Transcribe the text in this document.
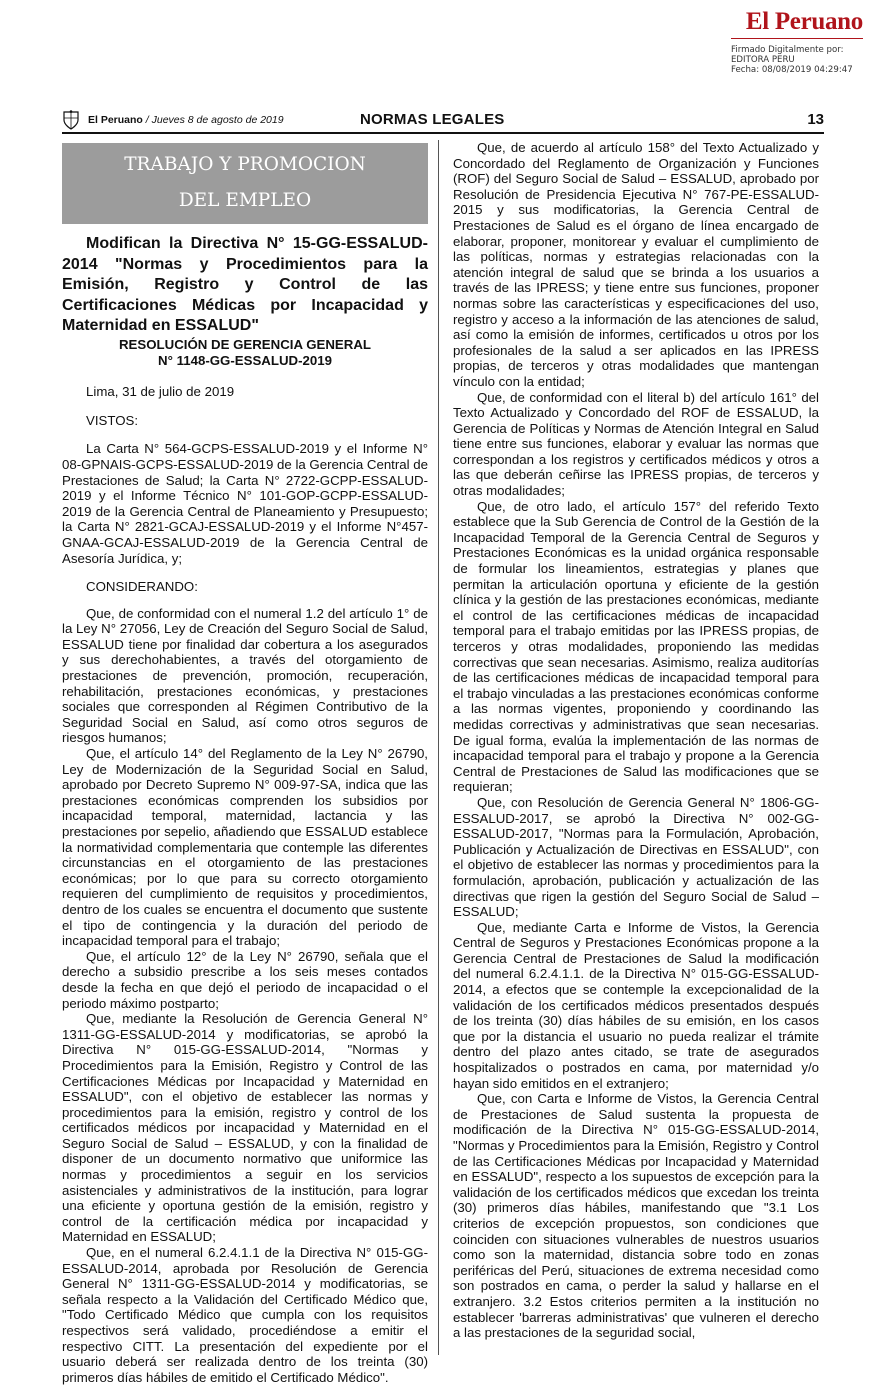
El Peruano
Firmado Digitalmente por:
EDITORA PERU
Fecha: 08/08/2019 04:29:47
El Peruano / Jueves 8 de agosto de 2019	NORMAS LEGALES	13
TRABAJO Y PROMOCION
DEL EMPLEO

Modifican la Directiva N° 15-GG-ESSALUD-2014 "Normas y Procedimientos para la Emisión, Registro y Control de las Certificaciones Médicas por Incapacidad y Maternidad en ESSALUD"

RESOLUCIÓN DE GERENCIA GENERAL
N° 1148-GG-ESSALUD-2019

Lima, 31 de julio de 2019

VISTOS:

La Carta N° 564-GCPS-ESSALUD-2019 y el Informe N° 08-GPNAIS-GCPS-ESSALUD-2019 de la Gerencia Central de Prestaciones de Salud; la Carta N° 2722-GCPP-ESSALUD-2019 y el Informe Técnico N° 101-GOP-GCPP-ESSALUD-2019 de la Gerencia Central de Planeamiento y Presupuesto; la Carta N° 2821-GCAJ-ESSALUD-2019 y el Informe N°457-GNAA-GCAJ-ESSALUD-2019 de la Gerencia Central de Asesoría Jurídica, y;

CONSIDERANDO:

Que, de conformidad con el numeral 1.2 del artículo 1° de la Ley N° 27056, Ley de Creación del Seguro Social de Salud, ESSALUD tiene por finalidad dar cobertura a los asegurados y sus derechohabientes, a través del otorgamiento de prestaciones de prevención, promoción, recuperación, rehabilitación, prestaciones económicas, y prestaciones sociales que corresponden al Régimen Contributivo de la Seguridad Social en Salud, así como otros seguros de riesgos humanos;

Que, el artículo 14° del Reglamento de la Ley N° 26790, Ley de Modernización de la Seguridad Social en Salud, aprobado por Decreto Supremo N° 009-97-SA, indica que las prestaciones económicas comprenden los subsidios por incapacidad temporal, maternidad, lactancia y las prestaciones por sepelio, añadiendo que ESSALUD establece la normatividad complementaria que contemple las diferentes circunstancias en el otorgamiento de las prestaciones económicas; por lo que para su correcto otorgamiento requieren del cumplimiento de requisitos y procedimientos, dentro de los cuales se encuentra el documento que sustente el tipo de contingencia y la duración del periodo de incapacidad temporal para el trabajo;

Que, el artículo 12° de la Ley N° 26790, señala que el derecho a subsidio prescribe a los seis meses contados desde la fecha en que dejó el periodo de incapacidad o el periodo máximo postparto;

Que, mediante la Resolución de Gerencia General N° 1311-GG-ESSALUD-2014 y modificatorias, se aprobó la Directiva N° 015-GG-ESSALUD-2014, "Normas y Procedimientos para la Emisión, Registro y Control de las Certificaciones Médicas por Incapacidad y Maternidad en ESSALUD", con el objetivo de establecer las normas y procedimientos para la emisión, registro y control de los certificados médicos por incapacidad y Maternidad en el Seguro Social de Salud – ESSALUD, y con la finalidad de disponer de un documento normativo que uniformice las normas y procedimientos a seguir en los servicios asistenciales y administrativos de la institución, para lograr una eficiente y oportuna gestión de la emisión, registro y control de la certificación médica por incapacidad y Maternidad en ESSALUD;

Que, en el numeral 6.2.4.1.1 de la Directiva N° 015-GG-ESSALUD-2014, aprobada por Resolución de Gerencia General N° 1311-GG-ESSALUD-2014 y modificatorias, se señala respecto a la Validación del Certificado Médico que, "Todo Certificado Médico que cumpla con los requisitos respectivos será validado, procediéndose a emitir el respectivo CITT. La presentación del expediente por el usuario deberá ser realizada dentro de los treinta (30) primeros días hábiles de emitido el Certificado Médico".

Que, de acuerdo al artículo 158° del Texto Actualizado y Concordado del Reglamento de Organización y Funciones (ROF) del Seguro Social de Salud – ESSALUD, aprobado por Resolución de Presidencia Ejecutiva N° 767-PE-ESSALUD-2015 y sus modificatorias, la Gerencia Central de Prestaciones de Salud es el órgano de línea encargado de elaborar, proponer, monitorear y evaluar el cumplimiento de las políticas, normas y estrategias relacionadas con la atención integral de salud que se brinda a los usuarios a través de las IPRESS; y tiene entre sus funciones, proponer normas sobre las características y especificaciones del uso, registro y acceso a la información de las atenciones de salud, así como la emisión de informes, certificados u otros por los profesionales de la salud a ser aplicados en las IPRESS propias, de terceros y otras modalidades que mantengan vínculo con la entidad;

Que, de conformidad con el literal b) del artículo 161° del Texto Actualizado y Concordado del ROF de ESSALUD, la Gerencia de Políticas y Normas de Atención Integral en Salud tiene entre sus funciones, elaborar y evaluar las normas que correspondan a los registros y certificados médicos y otros a las que deberán ceñirse las IPRESS propias, de terceros y otras modalidades;

Que, de otro lado, el artículo 157° del referido Texto establece que la Sub Gerencia de Control de la Gestión de la Incapacidad Temporal de la Gerencia Central de Seguros y Prestaciones Económicas es la unidad orgánica responsable de formular los lineamientos, estrategias y planes que permitan la articulación oportuna y eficiente de la gestión clínica y la gestión de las prestaciones económicas, mediante el control de las certificaciones médicas de incapacidad temporal para el trabajo emitidas por las IPRESS propias, de terceros y otras modalidades, proponiendo las medidas correctivas que sean necesarias. Asimismo, realiza auditorías de las certificaciones médicas de incapacidad temporal para el trabajo vinculadas a las prestaciones económicas conforme a las normas vigentes, proponiendo y coordinando las medidas correctivas y administrativas que sean necesarias. De igual forma, evalúa la implementación de las normas de incapacidad temporal para el trabajo y propone a la Gerencia Central de Prestaciones de Salud las modificaciones que se requieran;

Que, con Resolución de Gerencia General N° 1806-GG-ESSALUD-2017, se aprobó la Directiva N° 002-GG-ESSALUD-2017, "Normas para la Formulación, Aprobación, Publicación y Actualización de Directivas en ESSALUD", con el objetivo de establecer las normas y procedimientos para la formulación, aprobación, publicación y actualización de las directivas que rigen la gestión del Seguro Social de Salud – ESSALUD;

Que, mediante Carta e Informe de Vistos, la Gerencia Central de Seguros y Prestaciones Económicas propone a la Gerencia Central de Prestaciones de Salud la modificación del numeral 6.2.4.1.1. de la Directiva N° 015-GG-ESSALUD-2014, a efectos que se contemple la excepcionalidad de la validación de los certificados médicos presentados después de los treinta (30) días hábiles de su emisión, en los casos que por la distancia el usuario no pueda realizar el trámite dentro del plazo antes citado, se trate de asegurados hospitalizados o postrados en cama, por maternidad y/o hayan sido emitidos en el extranjero;

Que, con Carta e Informe de Vistos, la Gerencia Central de Prestaciones de Salud sustenta la propuesta de modificación de la Directiva N° 015-GG-ESSALUD-2014, "Normas y Procedimientos para la Emisión, Registro y Control de las Certificaciones Médicas por Incapacidad y Maternidad en ESSALUD", respecto a los supuestos de excepción para la validación de los certificados médicos que excedan los treinta (30) primeros días hábiles, manifestando que "3.1 Los criterios de excepción propuestos, son condiciones que coinciden con situaciones vulnerables de nuestros usuarios como son la maternidad, distancia sobre todo en zonas periféricas del Perú, situaciones de extrema necesidad como son postrados en cama, o perder la salud y hallarse en el extranjero. 3.2 Estos criterios permiten a la institución no establecer 'barreras administrativas' que vulneren el derecho a las prestaciones de la seguridad social,
